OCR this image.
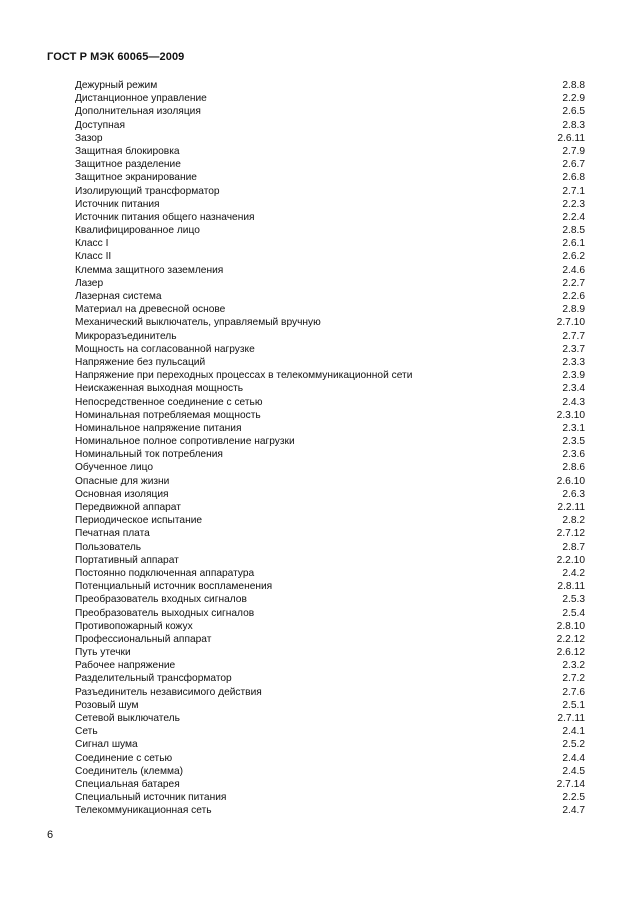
ГОСТ Р МЭК 60065—2009
Дежурный режим	2.8.8
Дистанционное управление	2.2.9
Дополнительная изоляция	2.6.5
Доступная	2.8.3
Зазор	2.6.11
Защитная блокировка	2.7.9
Защитное разделение	2.6.7
Защитное экранирование	2.6.8
Изолирующий трансформатор	2.7.1
Источник питания	2.2.3
Источник питания общего назначения	2.2.4
Квалифицированное лицо	2.8.5
Класс I	2.6.1
Класс II	2.6.2
Клемма защитного заземления	2.4.6
Лазер	2.2.7
Лазерная система	2.2.6
Материал на древесной основе	2.8.9
Механический выключатель, управляемый вручную	2.7.10
Микроразъединитель	2.7.7
Мощность на согласованной нагрузке	2.3.7
Напряжение без пульсаций	2.3.3
Напряжение при переходных процессах в телекоммуникационной сети	2.3.9
Неискаженная выходная мощность	2.3.4
Непосредственное соединение с сетью	2.4.3
Номинальная потребляемая мощность	2.3.10
Номинальное напряжение питания	2.3.1
Номинальное полное сопротивление нагрузки	2.3.5
Номинальный ток потребления	2.3.6
Обученное лицо	2.8.6
Опасные для жизни	2.6.10
Основная изоляция	2.6.3
Передвижной аппарат	2.2.11
Периодическое испытание	2.8.2
Печатная плата	2.7.12
Пользователь	2.8.7
Портативный аппарат	2.2.10
Постоянно подключенная аппаратура	2.4.2
Потенциальный источник воспламенения	2.8.11
Преобразователь входных сигналов	2.5.3
Преобразователь выходных сигналов	2.5.4
Противопожарный кожух	2.8.10
Профессиональный аппарат	2.2.12
Путь утечки	2.6.12
Рабочее напряжение	2.3.2
Разделительный трансформатор	2.7.2
Разъединитель независимого действия	2.7.6
Розовый шум	2.5.1
Сетевой выключатель	2.7.11
Сеть	2.4.1
Сигнал шума	2.5.2
Соединение с сетью	2.4.4
Соединитель (клемма)	2.4.5
Специальная батарея	2.7.14
Специальный источник питания	2.2.5
Телекоммуникационная сеть	2.4.7
6
